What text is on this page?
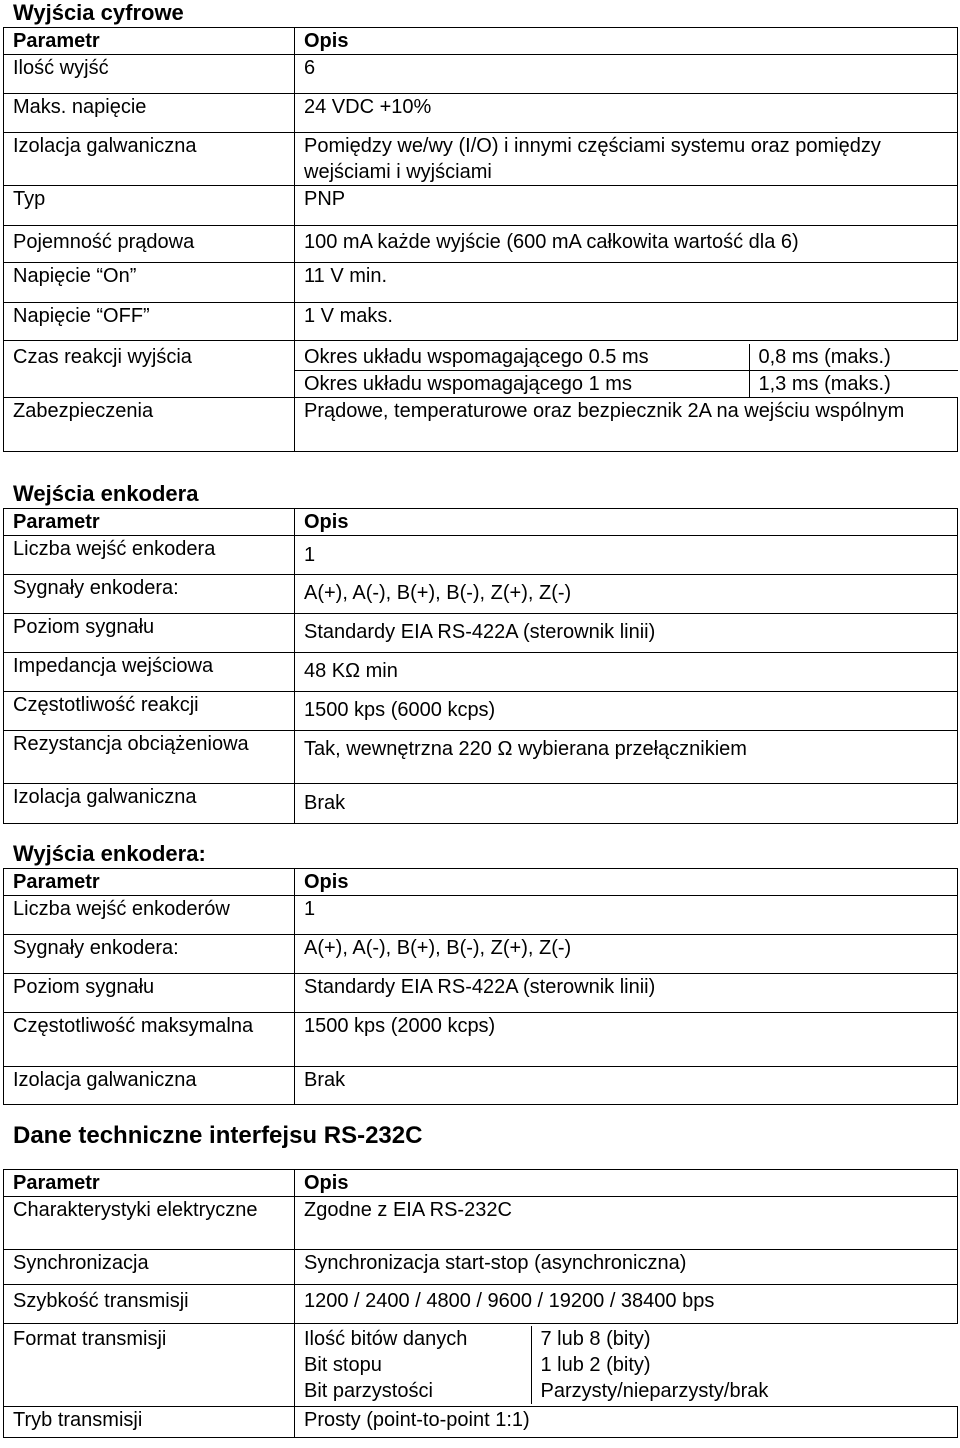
Wyjścia cyfrowe
Parametr	Opis
Ilość wyjść	6
Maks. napięcie	24 VDC +10%
Izolacja galwaniczna	Pomiędzy we/wy (I/O) i innymi częściami systemu oraz pomiędzy wejściami i wyjściami
Typ	PNP
Pojemność prądowa	100 mA każde wyjście (600 mA całkowita wartość dla 6)
Napięcie “On”	11 V min.
Napięcie “OFF”	1 V maks.
Czas reakcji wyjścia		Okres układu wspomagającego 0.5 ms	0,8 ms (maks.)
Okres układu wspomagającego 1 ms	1,3 ms (maks.)

Zabezpieczenia	Prądowe, temperaturowe oraz bezpiecznik 2A na wejściu wspólnym
Wejścia enkodera
Parametr	Opis
Liczba wejść enkodera	1
Sygnały enkodera:	A(+), A(-), B(+), B(-), Z(+), Z(-)
Poziom sygnału	Standardy EIA RS-422A (sterownik linii)
Impedancja wejściowa	48 KΩ min
Częstotliwość reakcji	1500 kps (6000 kcps)
Rezystancja obciążeniowa	Tak, wewnętrzna 220 Ω wybierana przełącznikiem
Izolacja galwaniczna	Brak
Wyjścia enkodera:
Parametr	Opis
Liczba wejść enkoderów	1
Sygnały enkodera:	A(+), A(-), B(+), B(-), Z(+), Z(-)
Poziom sygnału	Standardy EIA RS-422A (sterownik linii)
Częstotliwość maksymalna	1500 kps (2000 kcps)
Izolacja galwaniczna	Brak
Dane techniczne interfejsu RS-232C
Parametr	Opis
Charakterystyki elektryczne	Zgodne z EIA RS-232C
Synchronizacja	Synchronizacja start-stop (asynchroniczna)
Szybkość transmisji	1200 / 2400 / 4800 / 9600 / 19200 / 38400 bps
Format transmisji		Ilość bitów danych	7 lub 8 (bity)
Bit stopu	1 lub 2 (bity)
Bit parzystości	Parzysty/nieparzysty/brak

Tryb transmisji	Prosty (point-to-point 1:1)
